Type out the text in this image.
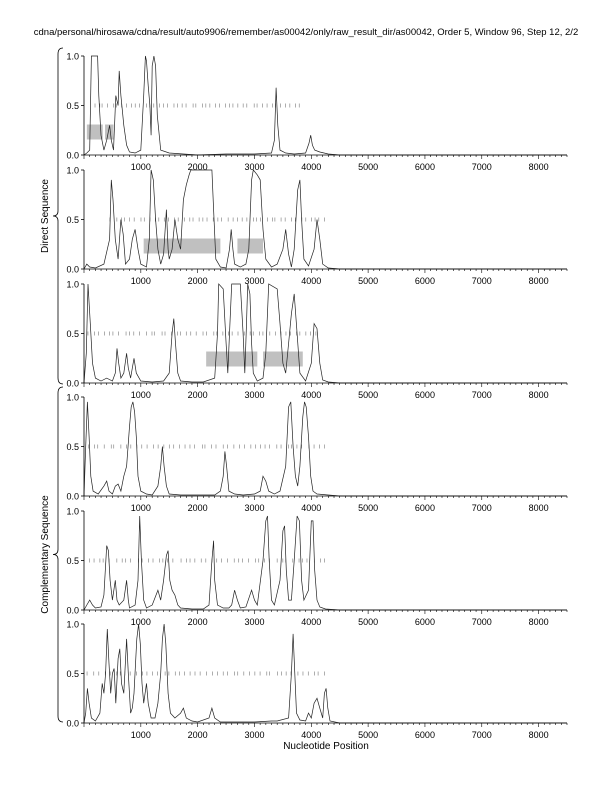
cdna/personal/hirosawa/cdna/result/auto9906/remember/as00042/only/raw_result_dir/as00042, Order 5, Window 96, Step 12, 2/2
0.0
0.5
1.0
1000	2000	3000	4000	5000	6000	7000	8000
0.0
0.5
1.0
1000	2000	3000	4000	5000	6000	7000	8000
0.0
0.5
1.0
1000	2000	3000	4000	5000	6000	7000	8000
0.0
0.5
1.0
1000	2000	3000	4000	5000	6000	7000	8000
0.0
0.5
1.0
1000	2000	3000	4000	5000	6000	7000	8000
0.0
0.5
1.0
1000	2000	3000	4000	5000	6000	7000	8000
Direct Sequence
Complementary Sequence
Nucleotide Position
